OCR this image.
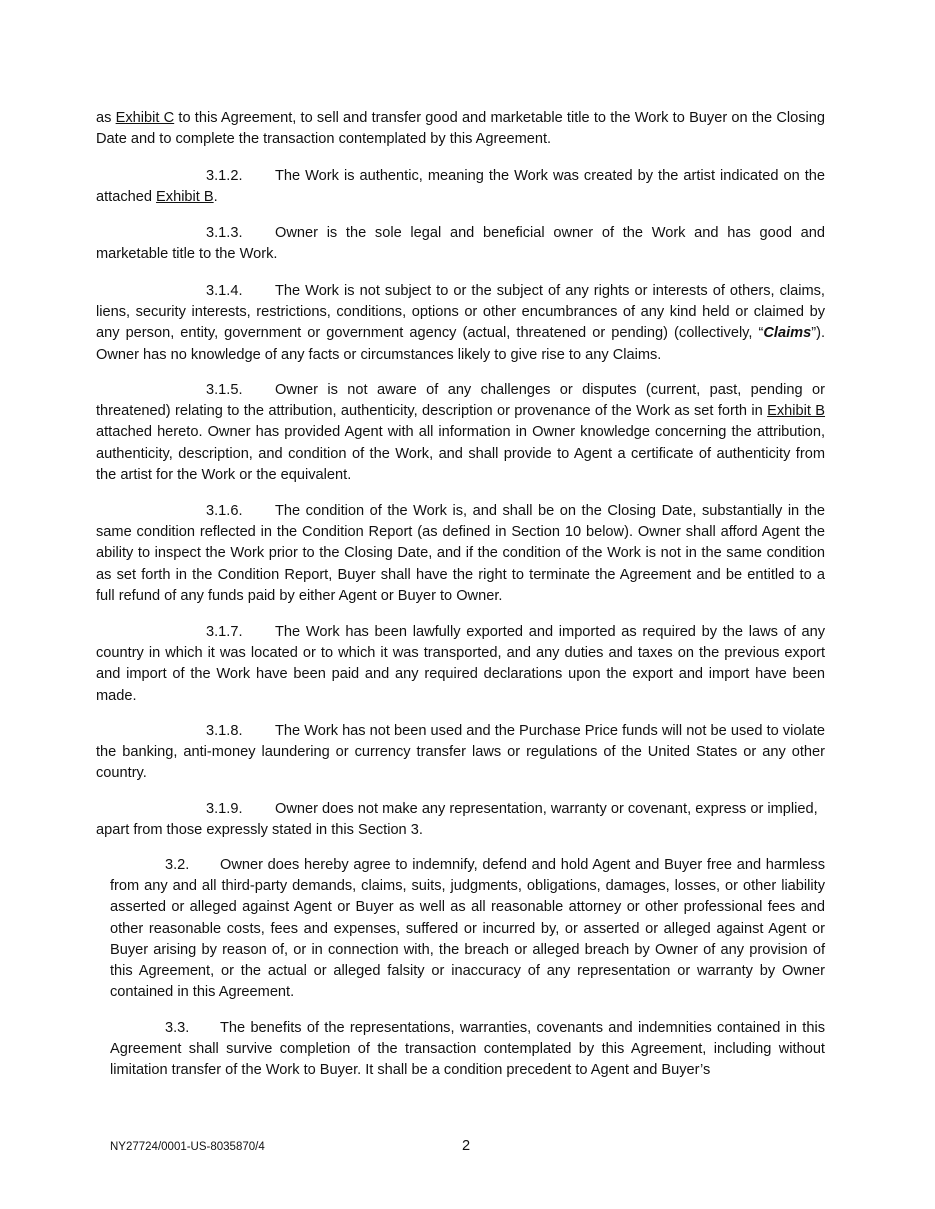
as Exhibit C to this Agreement, to sell and transfer good and marketable title to the Work to Buyer on the Closing Date and to complete the transaction contemplated by this Agreement.

3.1.2. The Work is authentic, meaning the Work was created by the artist indicated on the attached Exhibit B.

3.1.3. Owner is the sole legal and beneficial owner of the Work and has good and marketable title to the Work.

3.1.4. The Work is not subject to or the subject of any rights or interests of others, claims, liens, security interests, restrictions, conditions, options or other encumbrances of any kind held or claimed by any person, entity, government or government agency (actual, threatened or pending) (collectively, “Claims”). Owner has no knowledge of any facts or circumstances likely to give rise to any Claims.

3.1.5. Owner is not aware of any challenges or disputes (current, past, pending or threatened) relating to the attribution, authenticity, description or provenance of the Work as set forth in Exhibit B attached hereto. Owner has provided Agent with all information in Owner knowledge concerning the attribution, authenticity, description, and condition of the Work, and shall provide to Agent a certificate of authenticity from the artist for the Work or the equivalent.

3.1.6. The condition of the Work is, and shall be on the Closing Date, substantially in the same condition reflected in the Condition Report (as defined in Section 10 below). Owner shall afford Agent the ability to inspect the Work prior to the Closing Date, and if the condition of the Work is not in the same condition as set forth in the Condition Report, Buyer shall have the right to terminate the Agreement and be entitled to a full refund of any funds paid by either Agent or Buyer to Owner.

3.1.7. The Work has been lawfully exported and imported as required by the laws of any country in which it was located or to which it was transported, and any duties and taxes on the previous export and import of the Work have been paid and any required declarations upon the export and import have been made.

3.1.8. The Work has not been used and the Purchase Price funds will not be used to violate the banking, anti-money laundering or currency transfer laws or regulations of the United States or any other country.

3.1.9. Owner does not make any representation, warranty or covenant, express or implied, apart from those expressly stated in this Section 3.

3.2. Owner does hereby agree to indemnify, defend and hold Agent and Buyer free and harmless from any and all third-party demands, claims, suits, judgments, obligations, damages, losses, or other liability asserted or alleged against Agent or Buyer as well as all reasonable attorney or other professional fees and other reasonable costs, fees and expenses, suffered or incurred by, or asserted or alleged against Agent or Buyer arising by reason of, or in connection with, the breach or alleged breach by Owner of any provision of this Agreement, or the actual or alleged falsity or inaccuracy of any representation or warranty by Owner contained in this Agreement.

3.3. The benefits of the representations, warranties, covenants and indemnities contained in this Agreement shall survive completion of the transaction contemplated by this Agreement, including without limitation transfer of the Work to Buyer. It shall be a condition precedent to Agent and Buyer’s

NY27724/0001-US-8035870/4	2
